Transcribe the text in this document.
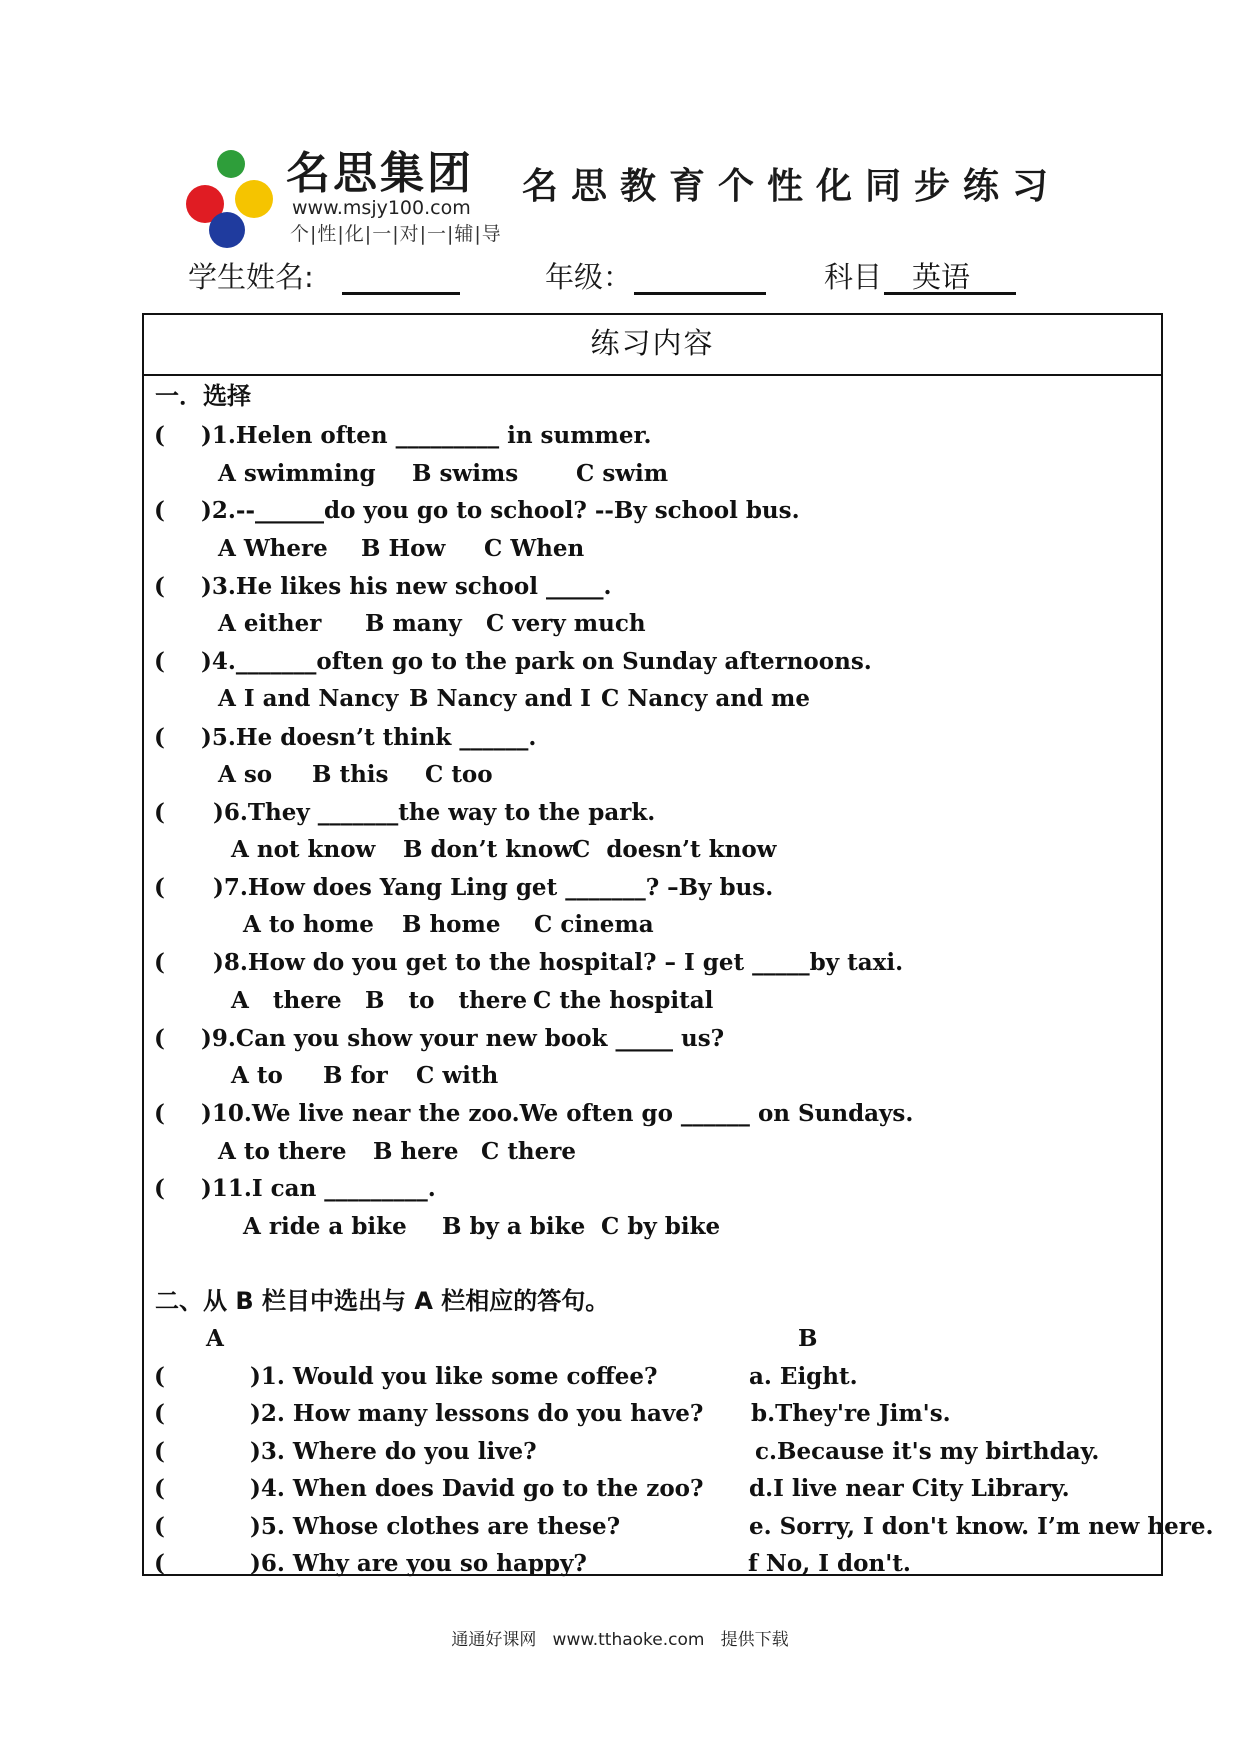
名思集团
www.msjy100.com
个|性|化|一|对|一|辅|导
名思教育个性化同步练习
学生姓名:	年级：	科目 英语
练习内容
一．选择
( )1.Helen often _________ in summer.
A swimming B swims	C swim
( )2.--______do you go to school? --By school bus.
A Where B How C When
( )3.He likes his new school _____.
A either B many C very much
( )4._______often go to the park on Sunday afternoons.
A I and Nancy B Nancy and I C Nancy and me
( )5.He doesn’t think ______.
A so B this C too
( )6.They _______the way to the park.
A not know B don’t know
C  doesn’t know
( )7.How does Yang Ling get _______? –By bus.
A to home B home C cinema
( )8.How do you get to the hospital? – I get _____by taxi.
A   there B   to   there C the hospital
( )9.Can you show your new book _____ us?
A to B for C with
( )10.We live near the zoo.We often go ______ on Sundays.
A to there B here C there
( )11.I can _________.
A ride a bike B by a bike C by bike
二、从 B 栏目中选出与 A 栏相应的答句。
A	B
(	)1. Would you like some coffee?	a. Eight.
(	)2. How many lessons do you have? b.They're Jim's.
(	)3. Where do you live?	c.Because it's my birthday.
(	)4. When does David go to the zoo? d.I live near City Library.
(	)5. Whose clothes are these?	e. Sorry, I don't know. I’m new here.
(	)6. Why are you so happy?	f No, I don't.
通通好课网   www.tthaoke.com   提供下载
